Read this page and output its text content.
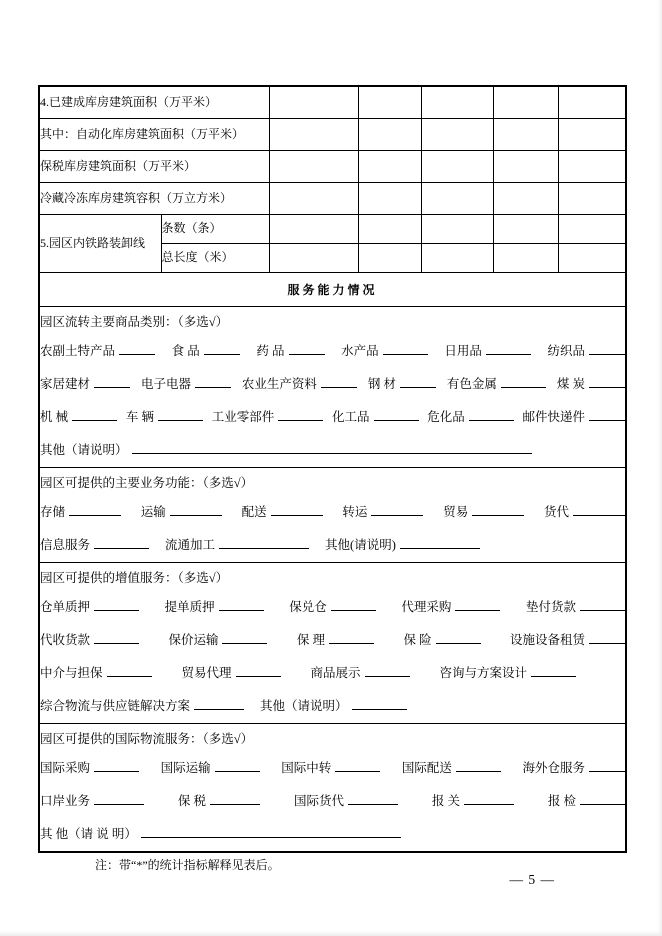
4.已建成库房建筑面积（万平米）						
其中：自动化库房建筑面积（万平米）						
保税库房建筑面积（万平米）						
冷藏冷冻库房建筑容积（万立方米）						
5.园区内铁路装卸线	条数（条）					
	总长度（米）					
服务能力情况						

园区流转主要商品类别：（多选√）
农副土特产品	食 品	药 品	水产品	日用品	纺织品
家居建材	电子电器	农业生产资料	钢 材	有色金属	煤 炭
机 械	车 辆	工业零部件	化工品	危化品	邮件快递件
其他（请说明）

园区可提供的主要业务功能：（多选√）
存储	运输	配送	转运	贸易	货代
信息服务	流通加工	其他(请说明)

园区可提供的增值服务：（多选√）
仓单质押	提单质押	保兑仓	代理采购	垫付货款
代收货款	保价运输	保 理	保 险	设施设备租赁
中介与担保	贸易代理	商品展示	咨询与方案设计
综合物流与供应链解决方案	其他（请说明）

园区可提供的国际物流服务：（多选√）
国际采购	国际运输	国际中转	国际配送	海外仓服务
口岸业务	保 税	国际货代	报 关	报 检
其 他（请 说 明）
注：带“*”的统计指标解释见表后。
— 5 —
